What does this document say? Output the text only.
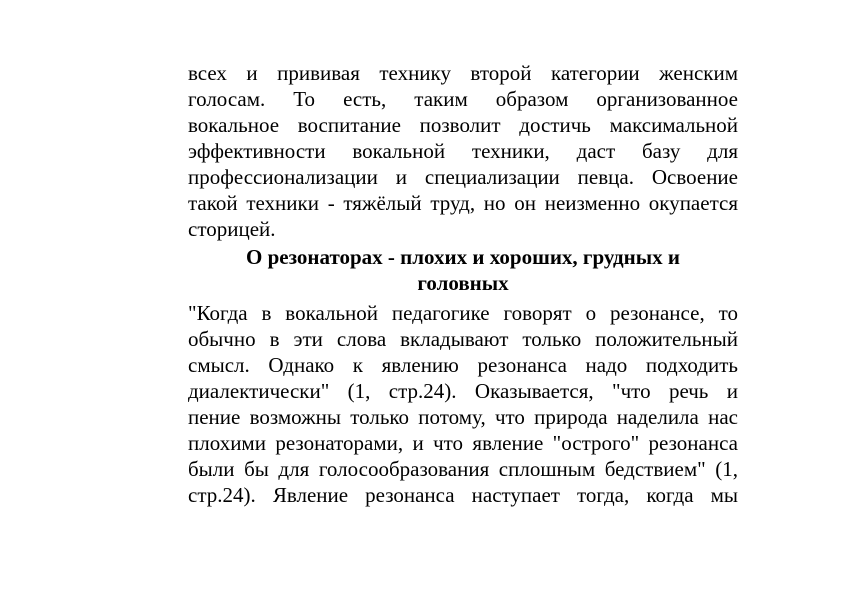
всех и прививая технику второй категории женским
голосам. То есть, таким образом организованное
вокальное воспитание позволит достичь максимальной
эффективности вокальной техники, даст базу для
профессионализации и специализации певца. Освоение
такой техники - тяжёлый труд, но он неизменно окупается
сторицей.
О резонаторах - плохих и хороших, грудных и
головных
"Когда в вокальной педагогике говорят о резонансе, то
обычно в эти слова вкладывают только положительный
смысл. Однако к явлению резонанса надо подходить
диалектически" (1, стр.24). Оказывается, "что речь и
пение возможны только потому, что природа наделила нас
плохими резонаторами, и что явление "острого" резонанса
были бы для голосообразования сплошным бедствием" (1,
стр.24). Явление резонанса наступает тогда, когда мы
